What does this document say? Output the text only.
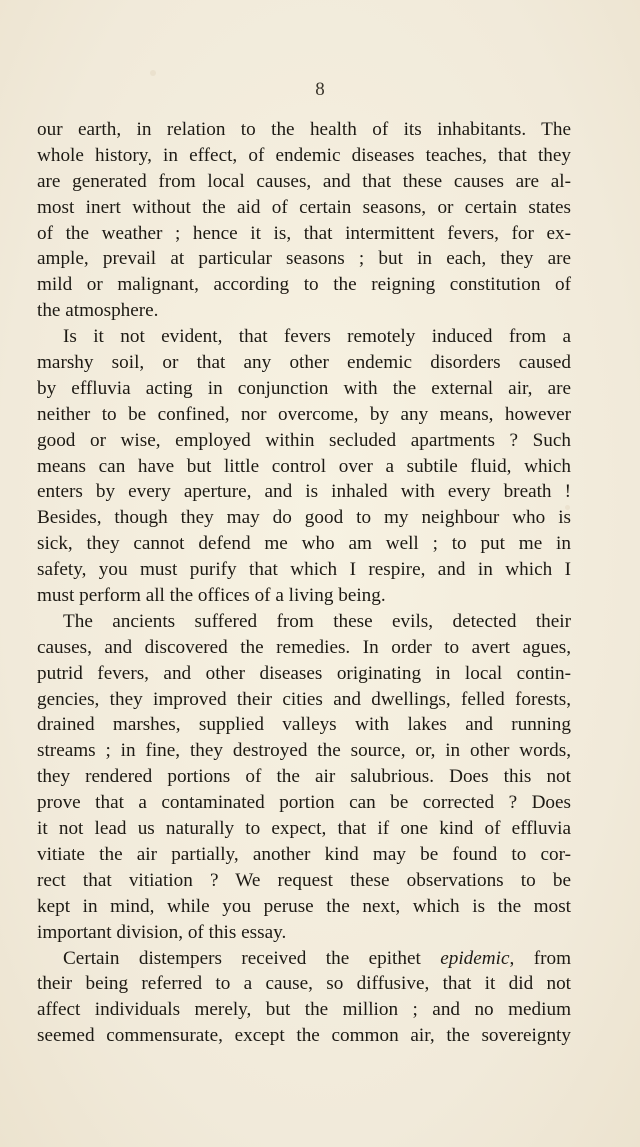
8
our earth, in relation to the health of its inhabitants. The
whole history, in effect, of endemic diseases teaches, that they
are generated from local causes, and that these causes are al-
most inert without the aid of certain seasons, or certain states
of the weather ; hence it is, that intermittent fevers, for ex-
ample, prevail at particular seasons ; but in each, they are
mild or malignant, according to the reigning constitution of
the atmosphere.
Is it not evident, that fevers remotely induced from a
marshy soil, or that any other endemic disorders caused
by effluvia acting in conjunction with the external air, are
neither to be confined, nor overcome, by any means, however
good or wise, employed within secluded apartments ? Such
means can have but little control over a subtile fluid, which
enters by every aperture, and is inhaled with every breath !
Besides, though they may do good to my neighbour who is
sick, they cannot defend me who am well ; to put me in
safety, you must purify that which I respire, and in which I
must perform all the offices of a living being.
The ancients suffered from these evils, detected their
causes, and discovered the remedies. In order to avert agues,
putrid fevers, and other diseases originating in local contin-
gencies, they improved their cities and dwellings, felled forests,
drained marshes, supplied valleys with lakes and running
streams ; in fine, they destroyed the source, or, in other words,
they rendered portions of the air salubrious. Does this not
prove that a contaminated portion can be corrected ? Does
it not lead us naturally to expect, that if one kind of effluvia
vitiate the air partially, another kind may be found to cor-
rect that vitiation ? We request these observations to be
kept in mind, while you peruse the next, which is the most
important division, of this essay.
Certain distempers received the epithet epidemic, from
their being referred to a cause, so diffusive, that it did not
affect individuals merely, but the million ; and no medium
seemed commensurate, except the common air, the sovereignty
